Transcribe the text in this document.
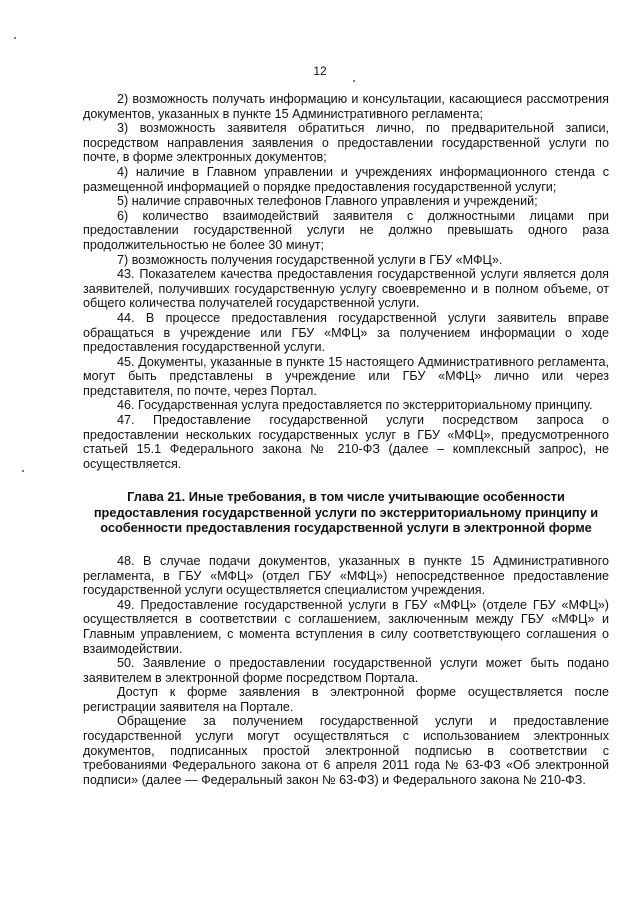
12

2) возможность получать информацию и консультации, касающиеся рассмотрения документов, указанных в пункте 15 Административного регламента;

3) возможность заявителя обратиться лично, по предварительной записи, посредством направления заявления о предоставлении государственной услуги по почте, в форме электронных документов;

4) наличие в Главном управлении и учреждениях информационного стенда с размещенной информацией о порядке предоставления государственной услуги;

5) наличие справочных телефонов Главного управления и учреждений;

6) количество взаимодействий заявителя с должностными лицами при предоставлении государственной услуги не должно превышать одного раза продолжительностью не более 30 минут;

7) возможность получения государственной услуги в ГБУ «МФЦ».

43. Показателем качества предоставления государственной услуги является доля заявителей, получивших государственную услугу своевременно и в полном объеме, от общего количества получателей государственной услуги.

44. В процессе предоставления государственной услуги заявитель вправе обращаться в учреждение или ГБУ «МФЦ» за получением информации о ходе предоставления государственной услуги.

45. Документы, указанные в пункте 15 настоящего Административного регламента, могут быть представлены в учреждение или ГБУ «МФЦ» лично или через представителя, по почте, через Портал.

46. Государственная услуга предоставляется по экстерриториальному принципу.

47. Предоставление государственной услуги посредством запроса о предоставлении нескольких государственных услуг в ГБУ «МФЦ», предусмотренного статьей 15.1 Федерального закона № 210-ФЗ (далее – комплексный запрос), не осуществляется.

Глава 21. Иные требования, в том числе учитывающие особенности предоставления государственной услуги по экстерриториальному принципу и особенности предоставления государственной услуги в электронной форме

48. В случае подачи документов, указанных в пункте 15 Административного регламента, в ГБУ «МФЦ» (отдел ГБУ «МФЦ») непосредственное предоставление государственной услуги осуществляется специалистом учреждения.

49. Предоставление государственной услуги в ГБУ «МФЦ» (отделе ГБУ «МФЦ») осуществляется в соответствии с соглашением, заключенным между ГБУ «МФЦ» и Главным управлением, с момента вступления в силу соответствующего соглашения о взаимодействии.

50. Заявление о предоставлении государственной услуги может быть подано заявителем в электронной форме посредством Портала.

Доступ к форме заявления в электронной форме осуществляется после регистрации заявителя на Портале.

Обращение за получением государственной услуги и предоставление государственной услуги могут осуществляться с использованием электронных документов, подписанных простой электронной подписью в соответствии с требованиями Федерального закона от 6 апреля 2011 года № 63-ФЗ «Об электронной подписи» (далее — Федеральный закон № 63-ФЗ) и Федерального закона № 210-ФЗ.
